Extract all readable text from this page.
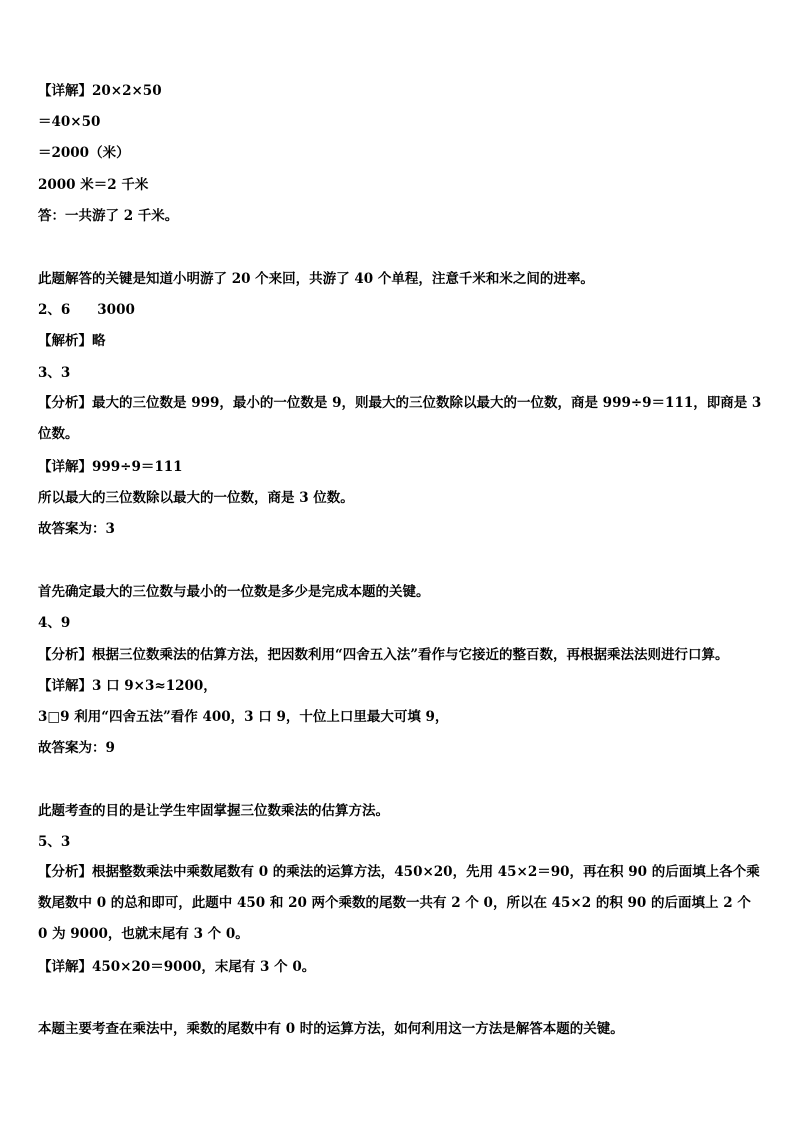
【详解】20×2×50
＝40×50
＝2000（米）
2000 米＝2 千米
答：一共游了 2 千米。
此题解答的关键是知道小明游了 20 个来回，共游了 40 个单程，注意千米和米之间的进率。
2、6　　3000
【解析】略
3、3
【分析】最大的三位数是 999，最小的一位数是 9，则最大的三位数除以最大的一位数，商是 999÷9＝111，即商是 3 位数。
【详解】999÷9＝111
所以最大的三位数除以最大的一位数，商是 3 位数。
故答案为：3
首先确定最大的三位数与最小的一位数是多少是完成本题的关键。
4、9
【分析】根据三位数乘法的估算方法，把因数利用“四舍五入法”看作与它接近的整百数，再根据乘法法则进行口算。
【详解】3 口 9×3≈1200，
3□9 利用“四舍五法”看作 400，3 口 9，十位上口里最大可填 9，
故答案为：9
此题考查的目的是让学生牢固掌握三位数乘法的估算方法。
5、3
【分析】根据整数乘法中乘数尾数有 0 的乘法的运算方法，450×20，先用 45×2＝90，再在积 90 的后面填上各个乘数尾数中 0 的总和即可，此题中 450 和 20 两个乘数的尾数一共有 2 个 0，所以在 45×2 的积 90 的后面填上 2 个 0 为 9000，也就末尾有 3 个 0。
【详解】450×20＝9000，末尾有 3 个 0。
本题主要考查在乘法中，乘数的尾数中有 0 时的运算方法，如何利用这一方法是解答本题的关键。
